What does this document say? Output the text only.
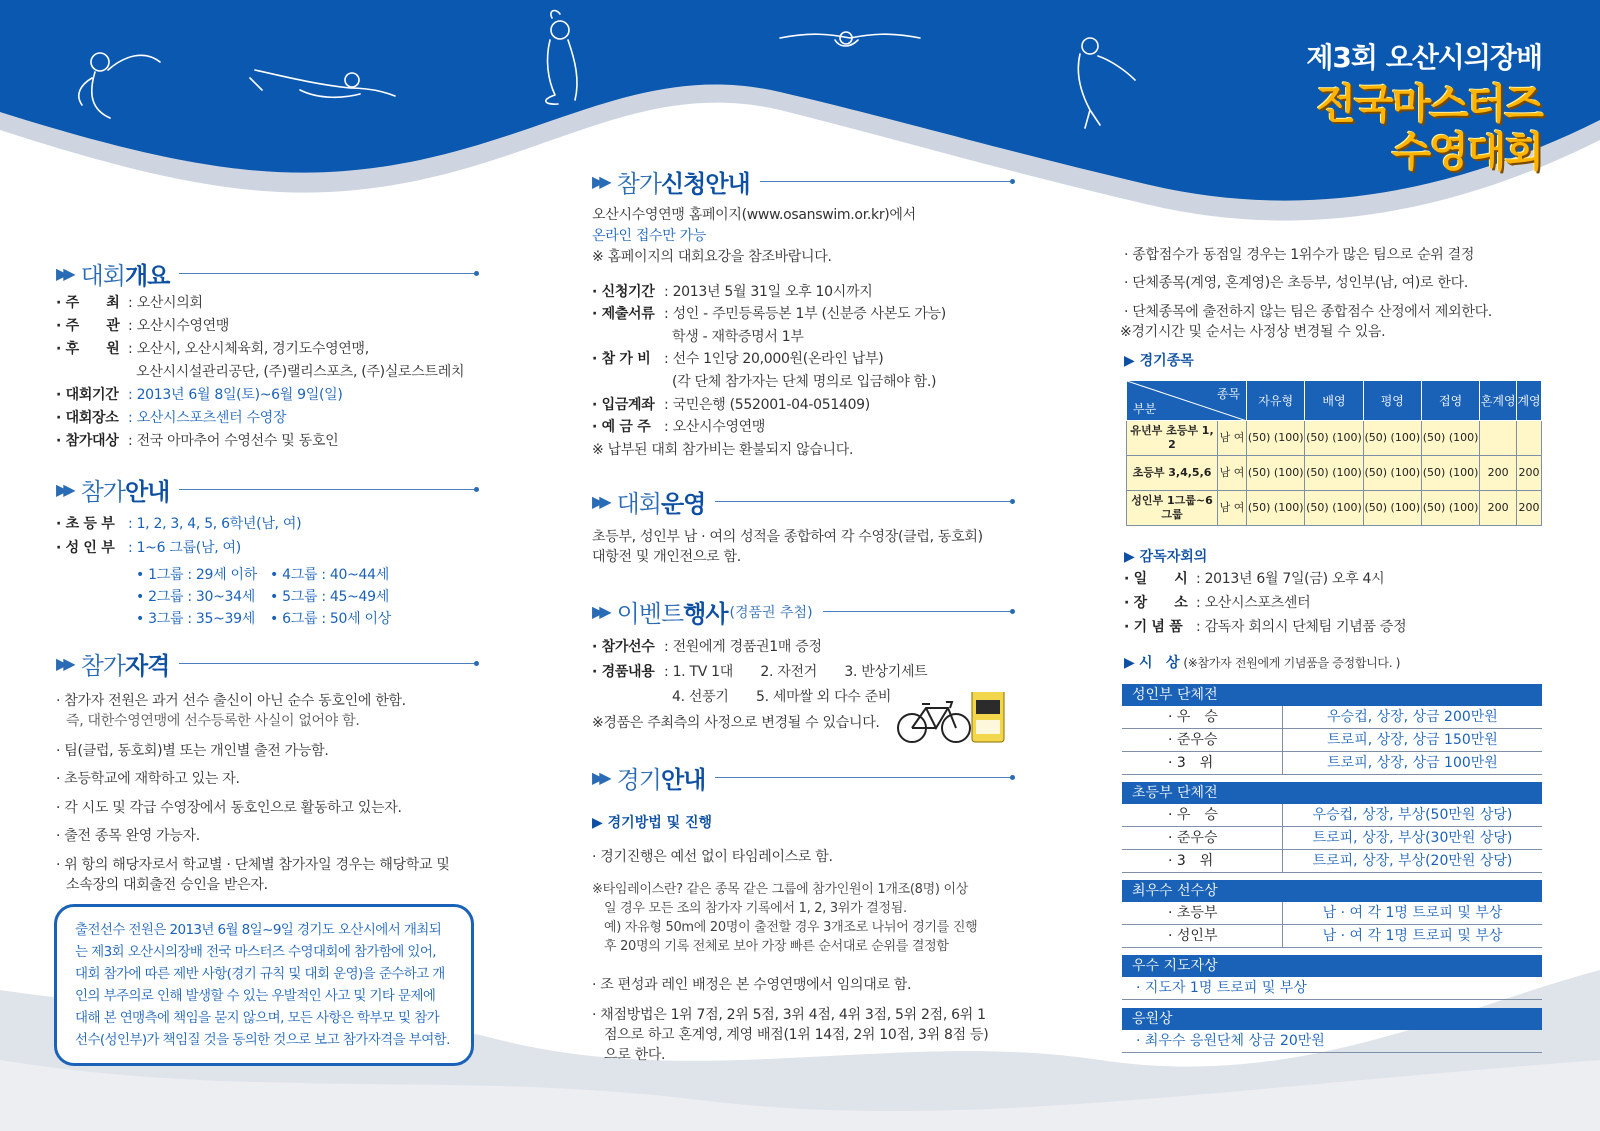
제3회 오산시의장배
전국마스터즈
수영대회
▶▶ 대회 개요
· 주　　최 : 오산시의회
· 주　　관 : 오산시수영연맹
· 후　　원 : 오산시, 오산시체육회, 경기도수영연맹,
오산시시설관리공단, (주)랠리스포츠, (주)실로스트레치
· 대회기간 : 2013년 6월 8일(토)~6월 9일(일)
· 대회장소 : 오산시스포츠센터 수영장
· 참가대상 : 전국 아마추어 수영선수 및 동호인
▶▶ 참가 안내
· 초 등 부 : 1, 2, 3, 4, 5, 6학년(남, 여)
· 성 인 부 : 1~6 그룹(남, 여)
• 1그룹 : 29세 이하 • 4그룹 : 40~44세
• 2그룹 : 30~34세 • 5그룹 : 45~49세
• 3그룹 : 35~39세 • 6그룹 : 50세 이상
▶▶ 참가 자격
· 참가자 전원은 과거 선수 출신이 아닌 순수 동호인에 한함.
즉, 대한수영연맹에 선수등록한 사실이 없어야 함.
· 팀(클럽, 동호회)별 또는 개인별 출전 가능함.
· 초등학교에 재학하고 있는 자.
· 각 시도 및 각급 수영장에서 동호인으로 활동하고 있는자.
· 출전 종목 완영 가능자.
· 위 항의 해당자로서 학교별 · 단체별 참가자일 경우는 해당학교 및
소속장의 대회출전 승인을 받은자.

출전선수 전원은 2013년 6월 8일~9일 경기도 오산시에서 개최되

는 제3회 오산시의장배 전국 마스터즈 수영대회에 참가함에 있어,

대회 참가에 따른 제반 사항(경기 규칙 및 대회 운영)을 준수하고 개

인의 부주의로 인해 발생할 수 있는 우발적인 사고 및 기타 문제에

대해 본 연맹측에 책임을 묻지 않으며, 모든 사항은 학부모 및 참가

선수(성인부)가 책임질 것을 동의한 것으로 보고 참가자격을 부여함.

▶▶ 참가 신청안내
오산시수영연맹 홈페이지(www.osanswim.or.kr)에서
온라인 접수만 가능
※ 홈페이지의 대회요강을 참조바랍니다.
· 신청기간 : 2013년 5월 31일 오후 10시까지
· 제출서류 : 성인 - 주민등록등본 1부 (신분증 사본도 가능)
학생 - 재학증명서 1부
· 참 가 비 : 선수 1인당 20,000원(온라인 납부)
(각 단체 참가자는 단체 명의로 입금해야 함.)
· 입금계좌 : 국민은행 (552001-04-051409)
· 예 금 주 : 오산시수영연맹
※ 납부된 대회 참가비는 환불되지 않습니다.
▶▶ 대회 운영
초등부, 성인부 남 · 여의 성적을 종합하여 각 수영장(클럽, 동호회)
대항전 및 개인전으로 함.
▶▶ 이벤트 행사 (경품권 추첨)
· 참가선수 : 전원에게 경품권1매 증정
· 경품내용 : 1. TV 1대　　2. 자전거　　3. 반상기세트
4. 선풍기　　5. 세마쌀 외 다수 준비
※경품은 주최측의 사정으로 변경될 수 있습니다.
▶▶ 경기 안내
▶ 경기방법 및 진행
· 경기진행은 예선 없이 타임레이스로 함.
※타임레이스란? 같은 종목 같은 그룹에 참가인원이 1개조(8명) 이상
일 경우 모든 조의 참가자 기록에서 1, 2, 3위가 결정됨.
예) 자유형 50m에 20명이 출전할 경우 3개조로 나뉘어 경기를 진행
후 20명의 기록 전체로 보아 가장 빠른 순서대로 순위를 결정함
· 조 편성과 레인 배정은 본 수영연맹에서 임의대로 함.
· 채점방법은 1위 7점, 2위 5점, 3위 4점, 4위 3점, 5위 2점, 6위 1
점으로 하고 혼계영, 계영 배점(1위 14점, 2위 10점, 3위 8점 등)
으로 한다.
· 종합점수가 동점일 경우는 1위수가 많은 팀으로 순위 결정
· 단체종목(계영, 혼계영)은 초등부, 성인부(남, 여)로 한다.
· 단체종목에 출전하지 않는 팀은 종합점수 산정에서 제외한다.
※경기시간 및 순서는 사정상 변경될 수 있음.
▶ 경기종목
종목
부분	자유형	배영	평영	접영	혼계영	계영

유년부 초등부 1, 2
남 여	(50) (100)	(50) (100)	(50) (100)	(50) (100)		

초등부 3,4,5,6 남 여	(50) (100)	(50) (100)	(50) (100)	(50) (100)	200	200

성인부 1그룹~6그룹
남 여	(50) (100)	(50) (100)	(50) (100)	(50) (100)	200	200
▶ 감독자회의
· 일　　시 : 2013년 6월 7일(금) 오후 4시
· 장　　소 : 오산시스포츠센터
· 기 념 품 : 감독자 회의시 단체팀 기념품 증정
▶ 시　상 (※참가자 전원에게 기념품을 증정합니다. )
성인부 단체전
· 우　승	우승컵, 상장, 상금 200만원
· 준우승	트로피, 상장, 상금 150만원
· 3　위	트로피, 상장, 상금 100만원
초등부 단체전
· 우　승	우승컵, 상장, 부상(50만원 상당)
· 준우승	트로피, 상장, 부상(30만원 상당)
· 3　위	트로피, 상장, 부상(20만원 상당)
최우수 선수상
· 초등부	남 · 여 각 1명 트로피 및 부상
· 성인부	남 · 여 각 1명 트로피 및 부상
우수 지도자상
· 지도자 1명 트로피 및 부상
응원상
· 최우수 응원단체 상금 20만원
